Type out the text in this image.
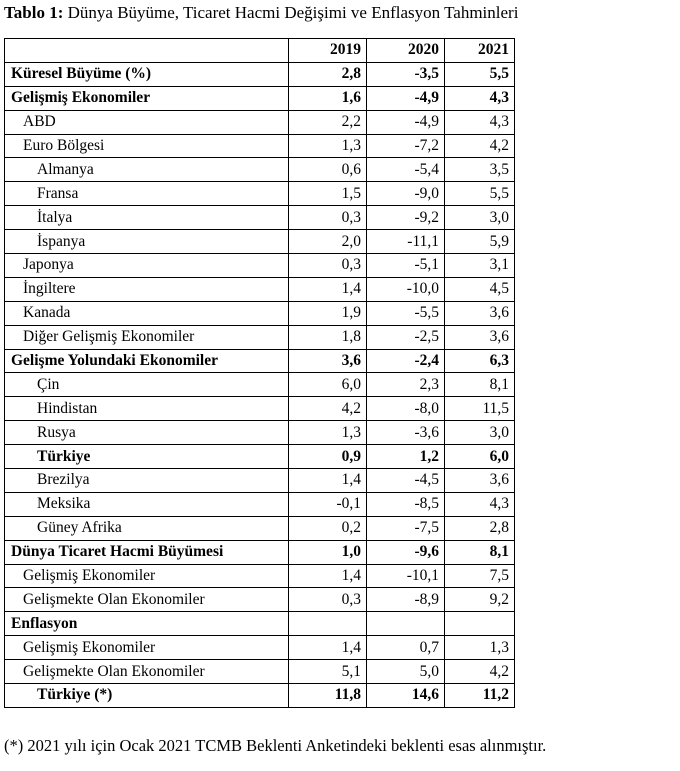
Tablo 1: Dünya Büyüme, Ticaret Hacmi Değişimi ve Enflasyon Tahminleri
	2019	2020	2021
Küresel Büyüme (%)	2,8	-3,5	5,5
Gelişmiş Ekonomiler	1,6	-4,9	4,3
ABD	2,2	-4,9	4,3
Euro Bölgesi	1,3	-7,2	4,2
Almanya	0,6	-5,4	3,5
Fransa	1,5	-9,0	5,5
İtalya	0,3	-9,2	3,0
İspanya	2,0	-11,1	5,9
Japonya	0,3	-5,1	3,1
İngiltere	1,4	-10,0	4,5
Kanada	1,9	-5,5	3,6
Diğer Gelişmiş Ekonomiler	1,8	-2,5	3,6
Gelişme Yolundaki Ekonomiler	3,6	-2,4	6,3
Çin	6,0	2,3	8,1
Hindistan	4,2	-8,0	11,5
Rusya	1,3	-3,6	3,0
Türkiye	0,9	1,2	6,0
Brezilya	1,4	-4,5	3,6
Meksika	-0,1	-8,5	4,3
Güney Afrika	0,2	-7,5	2,8
Dünya Ticaret Hacmi Büyümesi	1,0	-9,6	8,1
Gelişmiş Ekonomiler	1,4	-10,1	7,5
Gelişmekte Olan Ekonomiler	0,3	-8,9	9,2
Enflasyon			
Gelişmiş Ekonomiler	1,4	0,7	1,3
Gelişmekte Olan Ekonomiler	5,1	5,0	4,2
Türkiye (*)	11,8	14,6	11,2
(*) 2021 yılı için Ocak 2021 TCMB Beklenti Anketindeki beklenti esas alınmıştır.
